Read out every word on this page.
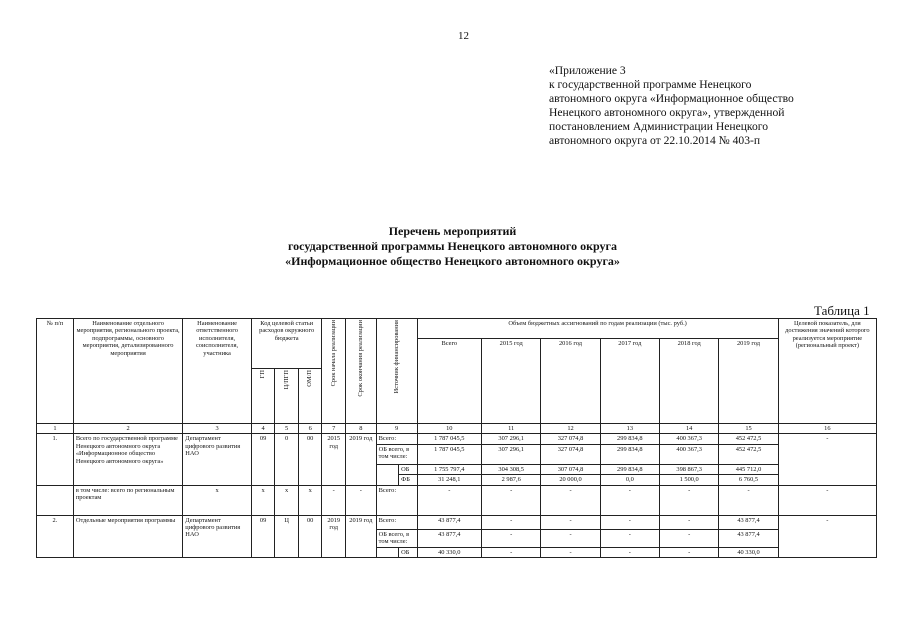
12
«Приложение 3
к государственной программе Ненецкого
автономного округа «Информационное общество
Ненецкого автономного округа», утвержденной
постановлением Администрации Ненецкого
автономного округа от 22.10.2014 № 403-п
Перечень мероприятий
государственной программы Ненецкого автономного округа
«Информационное общество Ненецкого автономного округа»
Таблица 1
№ п/п	Наименование отдельного мероприятия, регионального проекта, подпрограммы, основного мероприятия, детализированного мероприятия	Наименование ответственного исполнителя, соисполнителя, участника	Код целевой статьи расходов окружного бюджета			Срок начала реализации	Срок окончания реализации	Источник финансирования		Объем бюджетных ассигнований по годам реализации (тыс. руб.)						Целевой показатель, для достижения значений которого реализуется мероприятие (региональный проект)
										Всего	2015 год	2016 год	2017 год	2018 год	2019 год	
			ГП	Ц/ПГП	ОМ/П											
1	2	3	4	5	6	7	8	9		10	11	12	13	14	15	16
1.	Всего по государственной программе Ненецкого автономного округа «Информационное общество Ненецкого автономного округа»	Департамент цифрового развития НАО	09	0	00	2015 год	2019 год	Всего:		1 787 045,5	307 296,1	327 074,8	299 834,8	400 367,3	452 472,5	-
								ОБ всего, в том числе:		1 787 045,5	307 296,1	327 074,8	299 834,8	400 367,3	452 472,5	
									ОБ	1 755 797,4	304 308,5	307 074,8	299 834,8	398 867,3	445 712,0	
									ФБ	31 248,1	2 987,6	20 000,0	0,0	1 500,0	6 760,5	
	в том числе: всего по региональным проектам	x	x	x	x	-	-	Всего:		-	-	-	-	-	-	-
2.	Отдельные мероприятия программы	Департамент цифрового развития НАО	09	Ц	00	2019 год	2019 год	Всего:		43 877,4	-	-	-	-	43 877,4	-
								ОБ всего, в том числе:		43 877,4	-	-	-	-	43 877,4	
									ОБ	40 330,0	-	-	-	-	40 330,0	
